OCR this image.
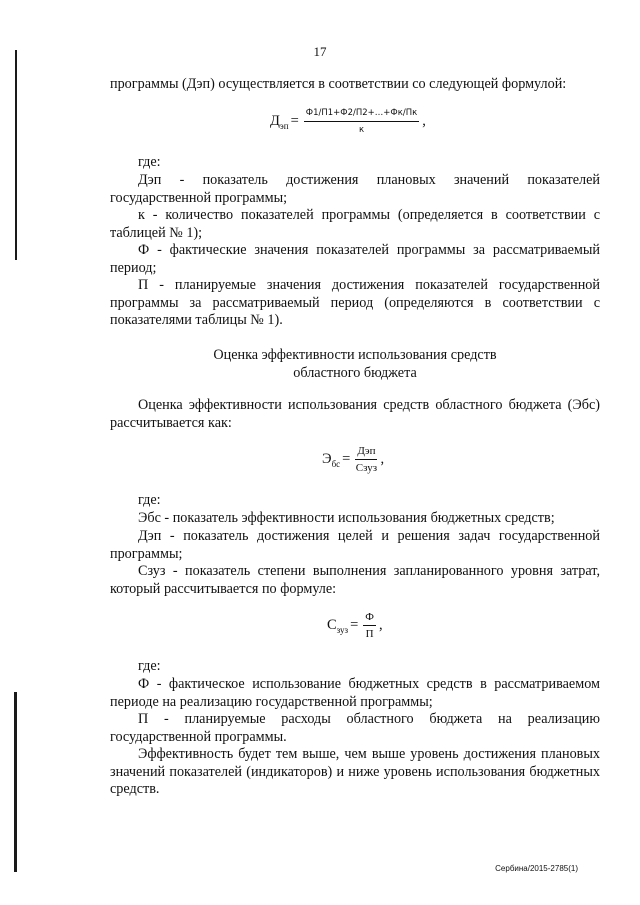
17

программы (Дэп) осуществляется в соответствии со следующей формулой:

$Д_{эп} = \frac{Ф1/П1+Ф2/П2+\dots+Фк/Пк}{к}$ ,

где:

Дэп - показатель достижения плановых значений показателей государственной программы;

к - количество показателей программы (определяется в соответствии с таблицей № 1);

Ф - фактические значения показателей программы за рассматриваемый период;

П - планируемые значения достижения показателей государственной программы за рассматриваемый период (определяются в соответствии с показателями таблицы № 1).

Оценка эффективности использования средств

областного бюджета

Оценка эффективности использования средств областного бюджета (Эбс) рассчитывается как:

$Э_{бс} = \frac{\text{Дэп}}{\text{Сзуз}}$ ,

где:

Эбс - показатель эффективности использования бюджетных средств;

Дэп - показатель достижения целей и решения задач государственной программы;

Сзуз - показатель степени выполнения запланированного уровня затрат, который рассчитывается по формуле:

$С_{зуз} = \frac{Ф}{П}$ ,

где:

Ф - фактическое использование бюджетных средств в рассматриваемом периоде на реализацию государственной программы;

П - планируемые расходы областного бюджета на реализацию государственной программы.

Эффективность будет тем выше, чем выше уровень достижения плановых значений показателей (индикаторов) и ниже уровень использования бюджетных средств.

Сербина/2015-2785(1)
